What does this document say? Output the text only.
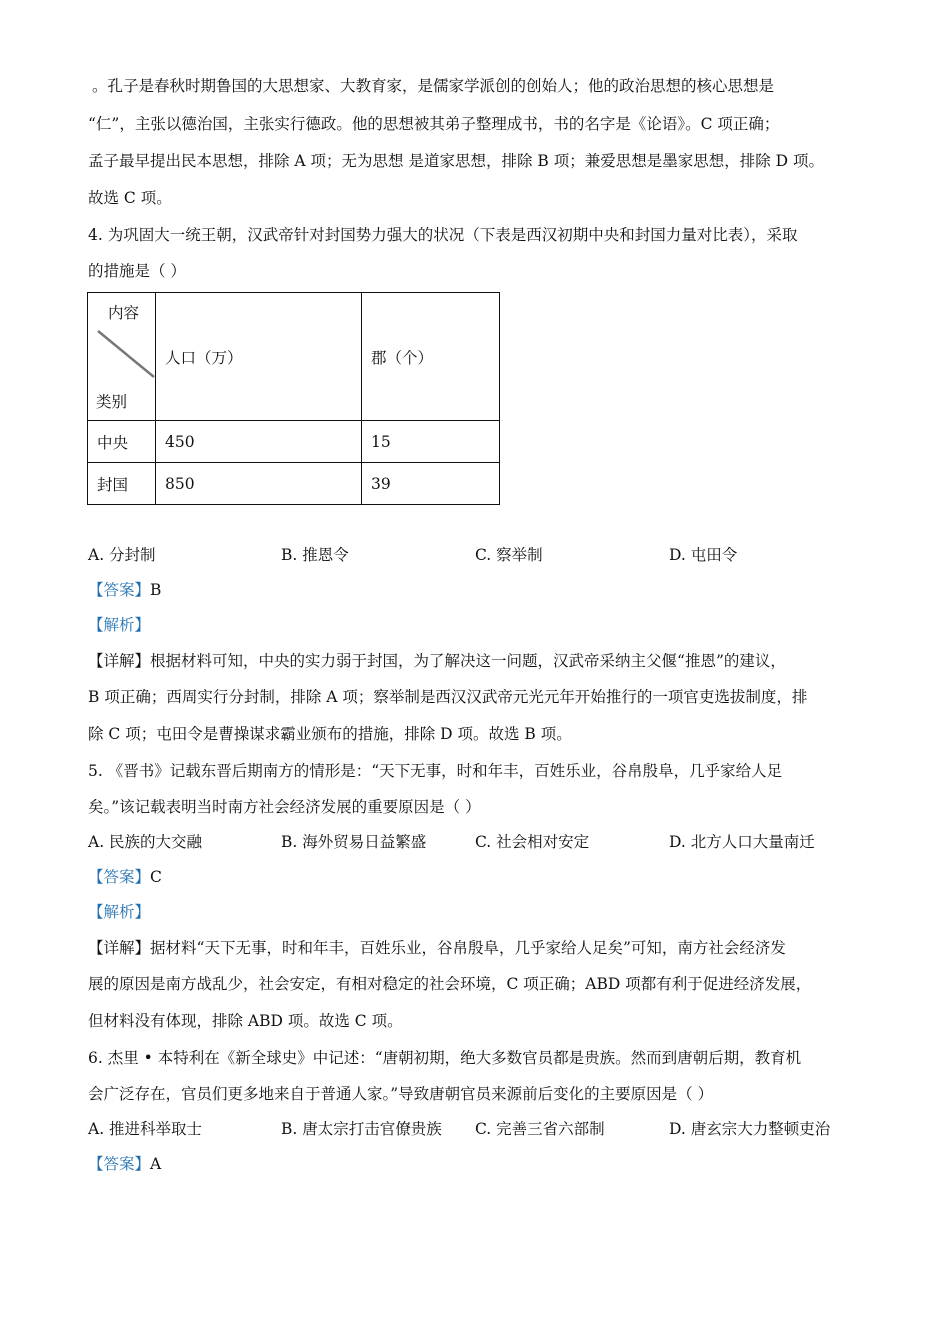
。孔子是春秋时期鲁国的大思想家、大教育家，是儒家学派创的创始人；他的政治思想的核心思想是
“仁”，主张以德治国，主张实行德政。他的思想被其弟子整理成书，书的名字是《论语》。C 项正确；
孟子最早提出民本思想，排除 A 项；无为思想 是道家思想，排除 B 项；兼爱思想是墨家思想，排除 D 项。
故选 C 项。
4. 为巩固大一统王朝，汉武帝针对封国势力强大的状况（下表是西汉初期中央和封国力量对比表），采取
的措施是（ ）
内容
类别	人口（万）	郡（个）
中央	450	15
封国	850	39
A. 分封制	B. 推恩令	C. 察举制	D. 屯田令
【答案】B
【解析】
【详解】根据材料可知，中央的实力弱于封国，为了解决这一问题，汉武帝采纳主父偃“推恩”的建议，
B 项正确；西周实行分封制，排除 A 项；察举制是西汉汉武帝元光元年开始推行的一项官吏选拔制度，排
除 C 项；屯田令是曹操谋求霸业颁布的措施，排除 D 项。故选 B 项。
5. 《晋书》记载东晋后期南方的情形是：“天下无事，时和年丰，百姓乐业，谷帛殷阜，几乎家给人足
矣。”该记载表明当时南方社会经济发展的重要原因是（ ）
A. 民族的大交融	B. 海外贸易日益繁盛	C. 社会相对安定	D. 北方人口大量南迁
【答案】C
【解析】
【详解】据材料“天下无事，时和年丰，百姓乐业，谷帛殷阜，几乎家给人足矣”可知，南方社会经济发
展的原因是南方战乱少，社会安定，有相对稳定的社会环境，C 项正确；ABD 项都有利于促进经济发展，
但材料没有体现，排除 ABD 项。故选 C 项。
6. 杰里 • 本特利在《新全球史》中记述：“唐朝初期，绝大多数官员都是贵族。然而到唐朝后期，教育机
会广泛存在，官员们更多地来自于普通人家。”导致唐朝官员来源前后变化的主要原因是（ ）
A. 推进科举取士	B. 唐太宗打击官僚贵族 C. 完善三省六部制	D. 唐玄宗大力整顿吏治
【答案】A
